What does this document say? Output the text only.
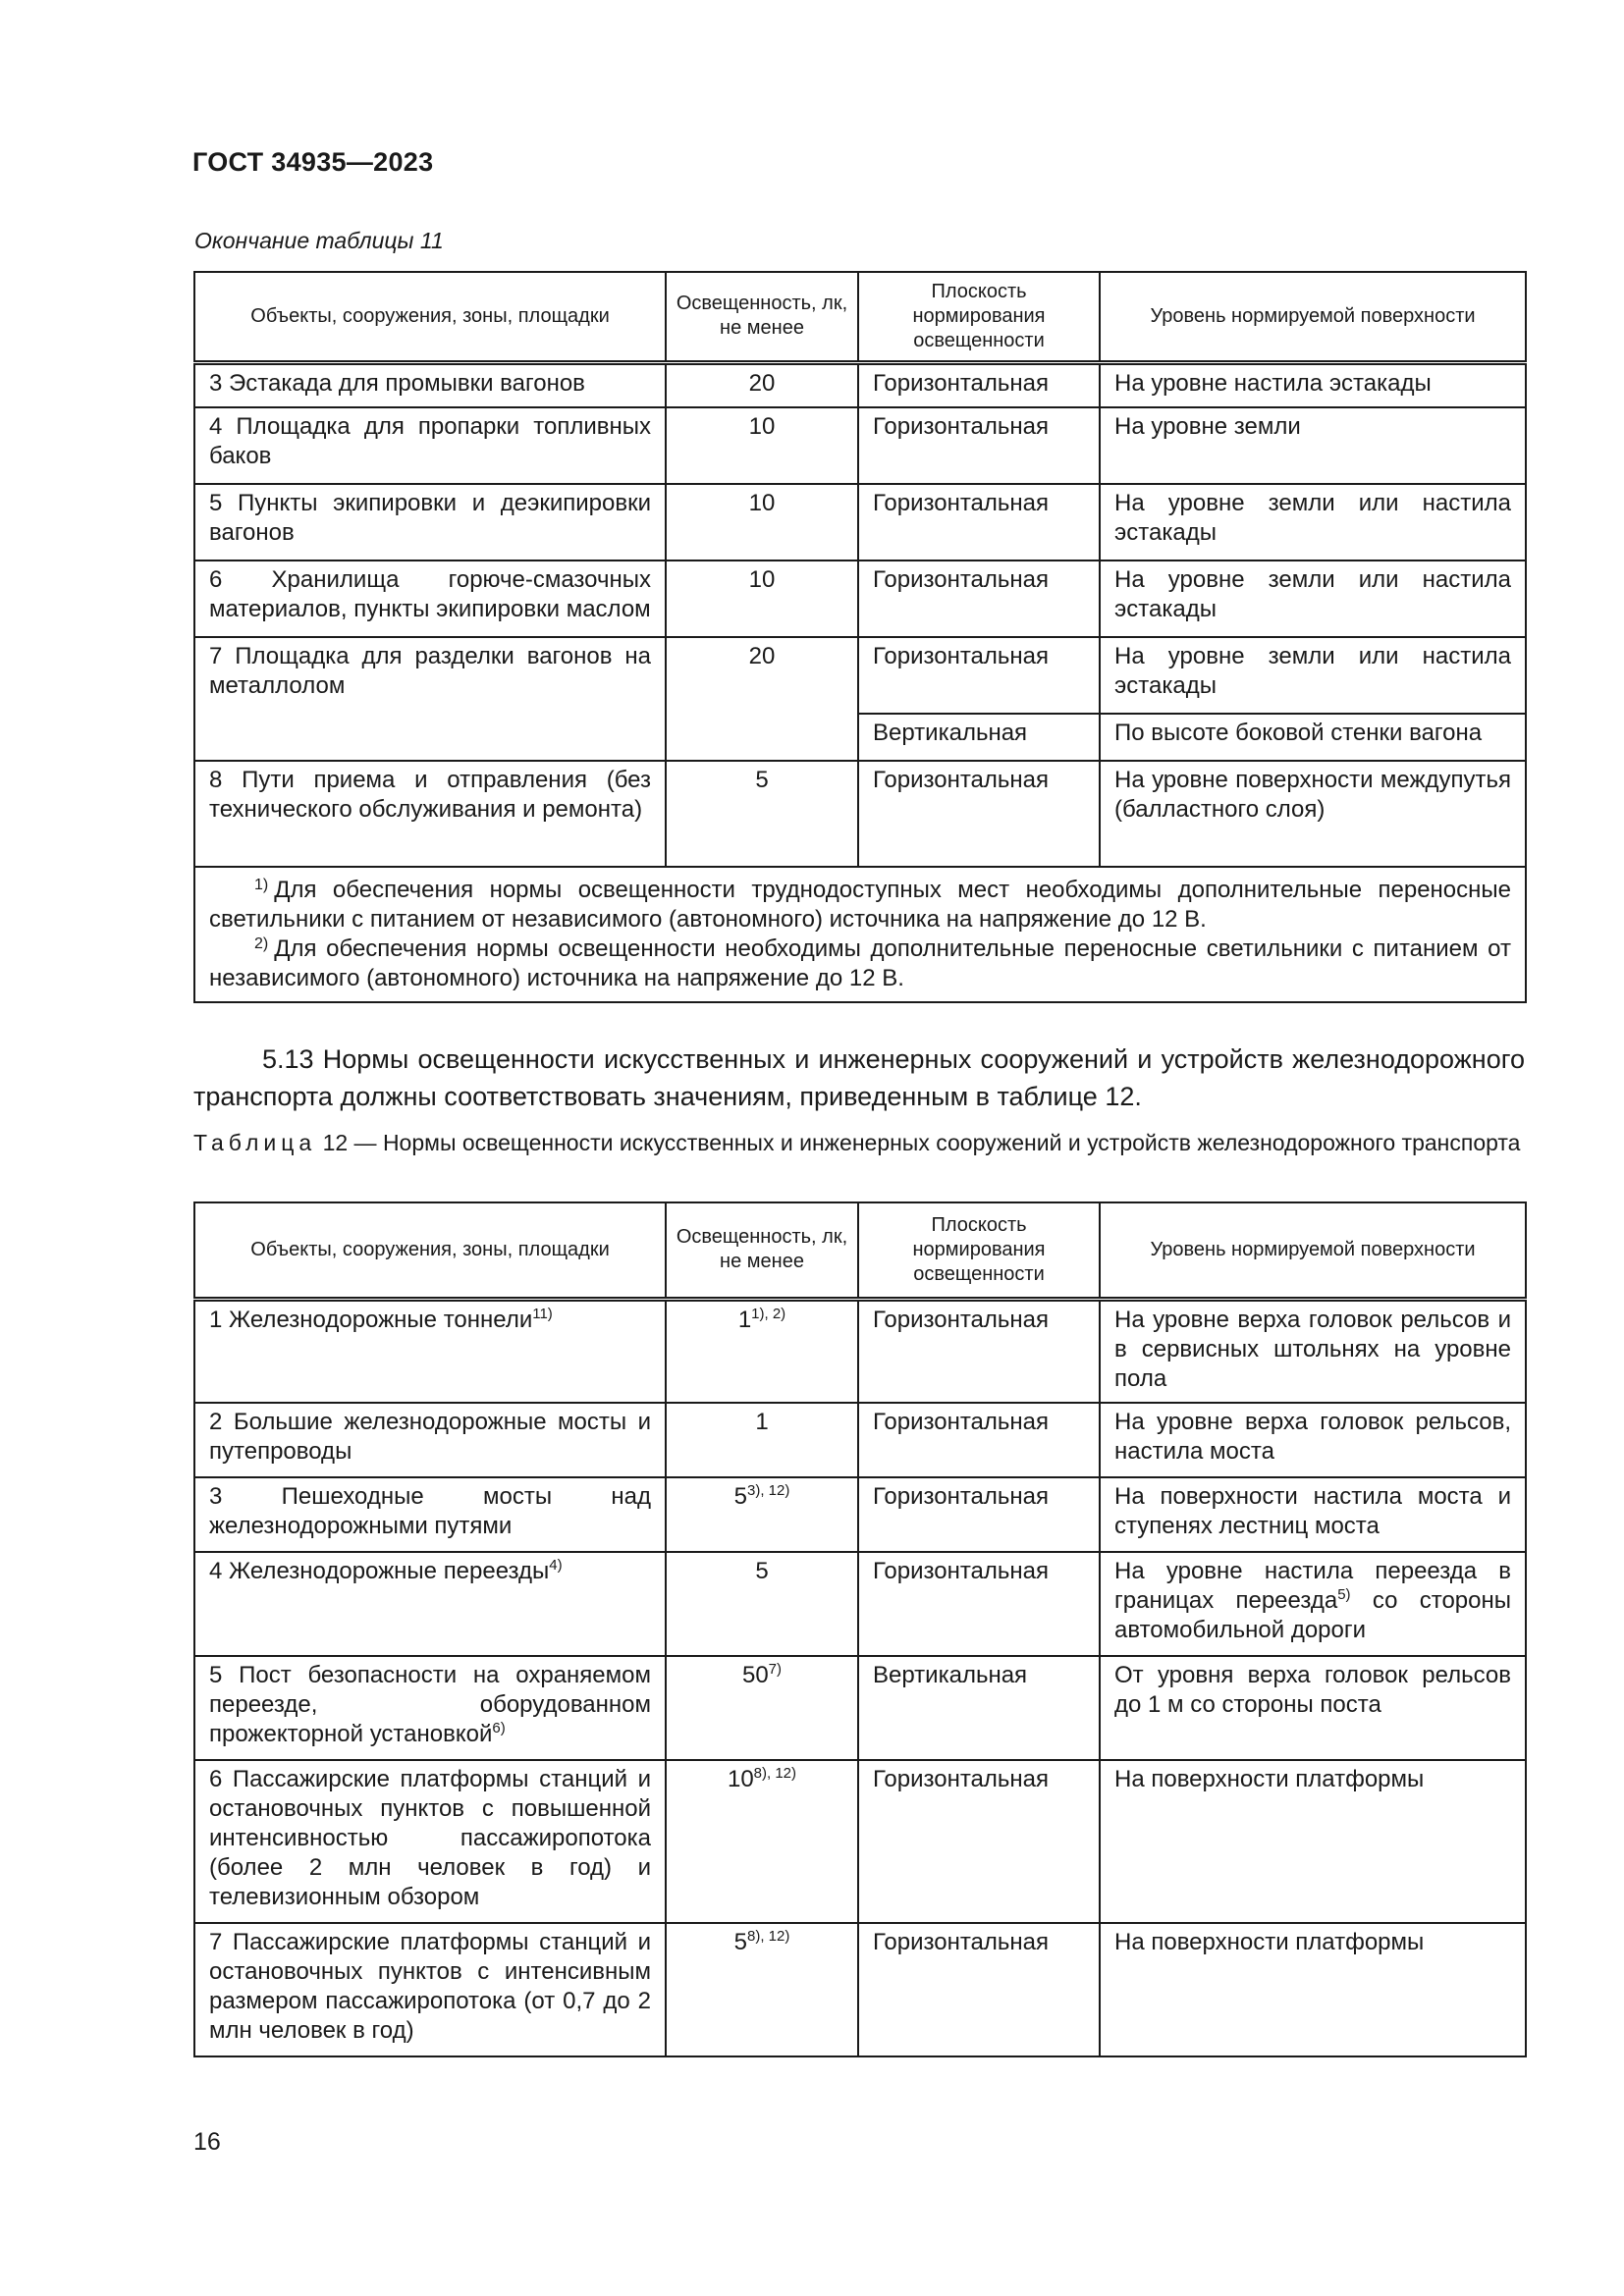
ГОСТ 34935—2023
Окончание таблицы 11
Объекты, сооружения, зоны, площадки	Освещенность, лк, не менее	Плоскость нормирования освещенности	Уровень нормируемой поверхности
3 Эстакада для промывки вагонов	20	Горизонтальная	На уровне настила эстакады
4 Площадка для пропарки топливных баков	10	Горизонтальная	На уровне земли
5 Пункты экипировки и деэкипировки вагонов	10	Горизонтальная	На уровне земли или настила эстакады
6 Хранилища горюче-смазочных материалов, пункты экипировки маслом	10	Горизонтальная	На уровне земли или настила эстакады
7 Площадка для разделки вагонов на металлолом	20	Горизонтальная	На уровне земли или настила эстакады
		Вертикальная	По высоте боковой стенки вагона
8 Пути приема и отправления (без технического обслуживания и ремонта)	5	Горизонтальная	На уровне поверхности междупутья (балластного слоя)

$^{1)}$ Для обеспечения нормы освещенности труднодоступных мест необходимы дополнительные переносные светильники с питанием от независимого (автономного) источника на напряжение до 12 В.
$^{2)}$ Для обеспечения нормы освещенности необходимы дополнительные переносные светильники с питанием от независимого (автономного) источника на напряжение до 12 В.			
5.13 Нормы освещенности искусственных и инженерных сооружений и устройств железнодорожного транспорта должны соответствовать значениям, приведенным в таблице 12.
Таблица 12 — Нормы освещенности искусственных и инженерных сооружений и устройств железнодорожного транспорта
Объекты, сооружения, зоны, площадки	Освещенность, лк, не менее	Плоскость нормирования освещенности	Уровень нормируемой поверхности
1 Железнодорожные тоннели$^{11)}$	$1^{1), 2)}$	Горизонтальная	На уровне верха головок рельсов и в сервисных штольнях на уровне пола
2 Большие железнодорожные мосты и путепроводы	1	Горизонтальная	На уровне верха головок рельсов, настила моста
3 Пешеходные мосты над железнодорожными путями	$5^{3), 12)}$	Горизонтальная	На поверхности настила моста и ступенях лестниц моста
4 Железнодорожные переезды$^{4)}$	5	Горизонтальная	На уровне настила переезда в границах переезда$^{5)}$ со стороны автомобильной дороги
5 Пост безопасности на охраняемом переезде, оборудованном прожекторной установкой$^{6)}$	50$^{7)}$	Вертикальная	От уровня верха головок рельсов до 1 м со стороны поста
6 Пассажирские платформы станций и остановочных пунктов с повышенной интенсивностью пассажиропотока (более 2 млн человек в год) и телевизионным обзором	$10^{8), 12)}$	Горизонтальная	На поверхности платформы
7 Пассажирские платформы станций и остановочных пунктов с интенсивным размером пассажиропотока (от 0,7 до 2 млн человек в год)	$5^{8), 12)}$	Горизонтальная	На поверхности платформы
16
